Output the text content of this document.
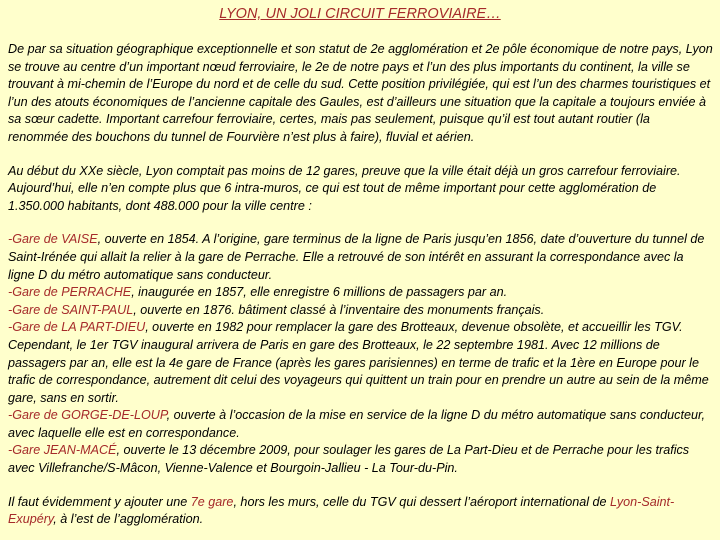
LYON, UN JOLI CIRCUIT FERROVIAIRE…

De par sa situation géographique exceptionnelle et son statut de 2e agglomération et 2e pôle économique de notre pays, Lyon se trouve au centre d’un important nœud ferroviaire, le 2e de notre pays et l’un des plus importants du continent, la ville se trouvant à mi-chemin de l’Europe du nord et de celle du sud. Cette position privilégiée, qui est l’un des charmes touristiques et l’un des atouts économiques de l’ancienne capitale des Gaules, est d’ailleurs une situation que la capitale a toujours enviée à sa sœur cadette. Important carrefour ferroviaire, certes, mais pas seulement, puisque qu’il est tout autant routier (la renommée des bouchons du tunnel de Fourvière n’est plus à faire), fluvial et aérien.

Au début du XXe siècle, Lyon comptait pas moins de 12 gares, preuve que la ville était déjà un gros carrefour ferroviaire. Aujourd’hui, elle n’en compte plus que 6 intra-muros, ce qui est tout de même important pour cette agglomération de 1.350.000 habitants, dont 488.000 pour la ville centre :

-Gare de VAISE, ouverte en 1854. A l’origine, gare terminus de la ligne de Paris jusqu’en 1856, date d’ouverture du tunnel de Saint-Irénée qui allait la relier à la gare de Perrache. Elle a retrouvé de son intérêt en assurant la correspondance avec la ligne D du métro automatique sans conducteur.
-Gare de PERRACHE, inaugurée en 1857, elle enregistre 6 millions de passagers par an.
-Gare de SAINT-PAUL, ouverte en 1876. bâtiment classé à l’inventaire des monuments français.
-Gare de LA PART-DIEU, ouverte en 1982 pour remplacer la gare des Brotteaux, devenue obsolète, et accueillir les TGV. Cependant, le 1er TGV inaugural arrivera de Paris en gare des Brotteaux, le 22 septembre 1981. Avec 12 millions de passagers par an, elle est la 4e gare de France (après les gares parisiennes) en terme de trafic et la 1ère en Europe pour le trafic de correspondance, autrement dit celui des voyageurs qui quittent un train pour en prendre un autre au sein de la même gare, sans en sortir.
-Gare de GORGE-DE-LOUP, ouverte à l’occasion de la mise en service de la ligne D du métro automatique sans conducteur, avec laquelle elle est en correspondance.
-Gare JEAN-MACÉ, ouverte le 13 décembre 2009, pour soulager les gares de La Part-Dieu et de Perrache pour les trafics avec Villefranche/S-Mâcon, Vienne-Valence et Bourgoin-Jallieu - La Tour-du-Pin.

Il faut évidemment y ajouter une 7e gare, hors les murs, celle du TGV qui dessert l’aéroport international de Lyon-Saint-Exupéry, à l’est de l’agglomération.
